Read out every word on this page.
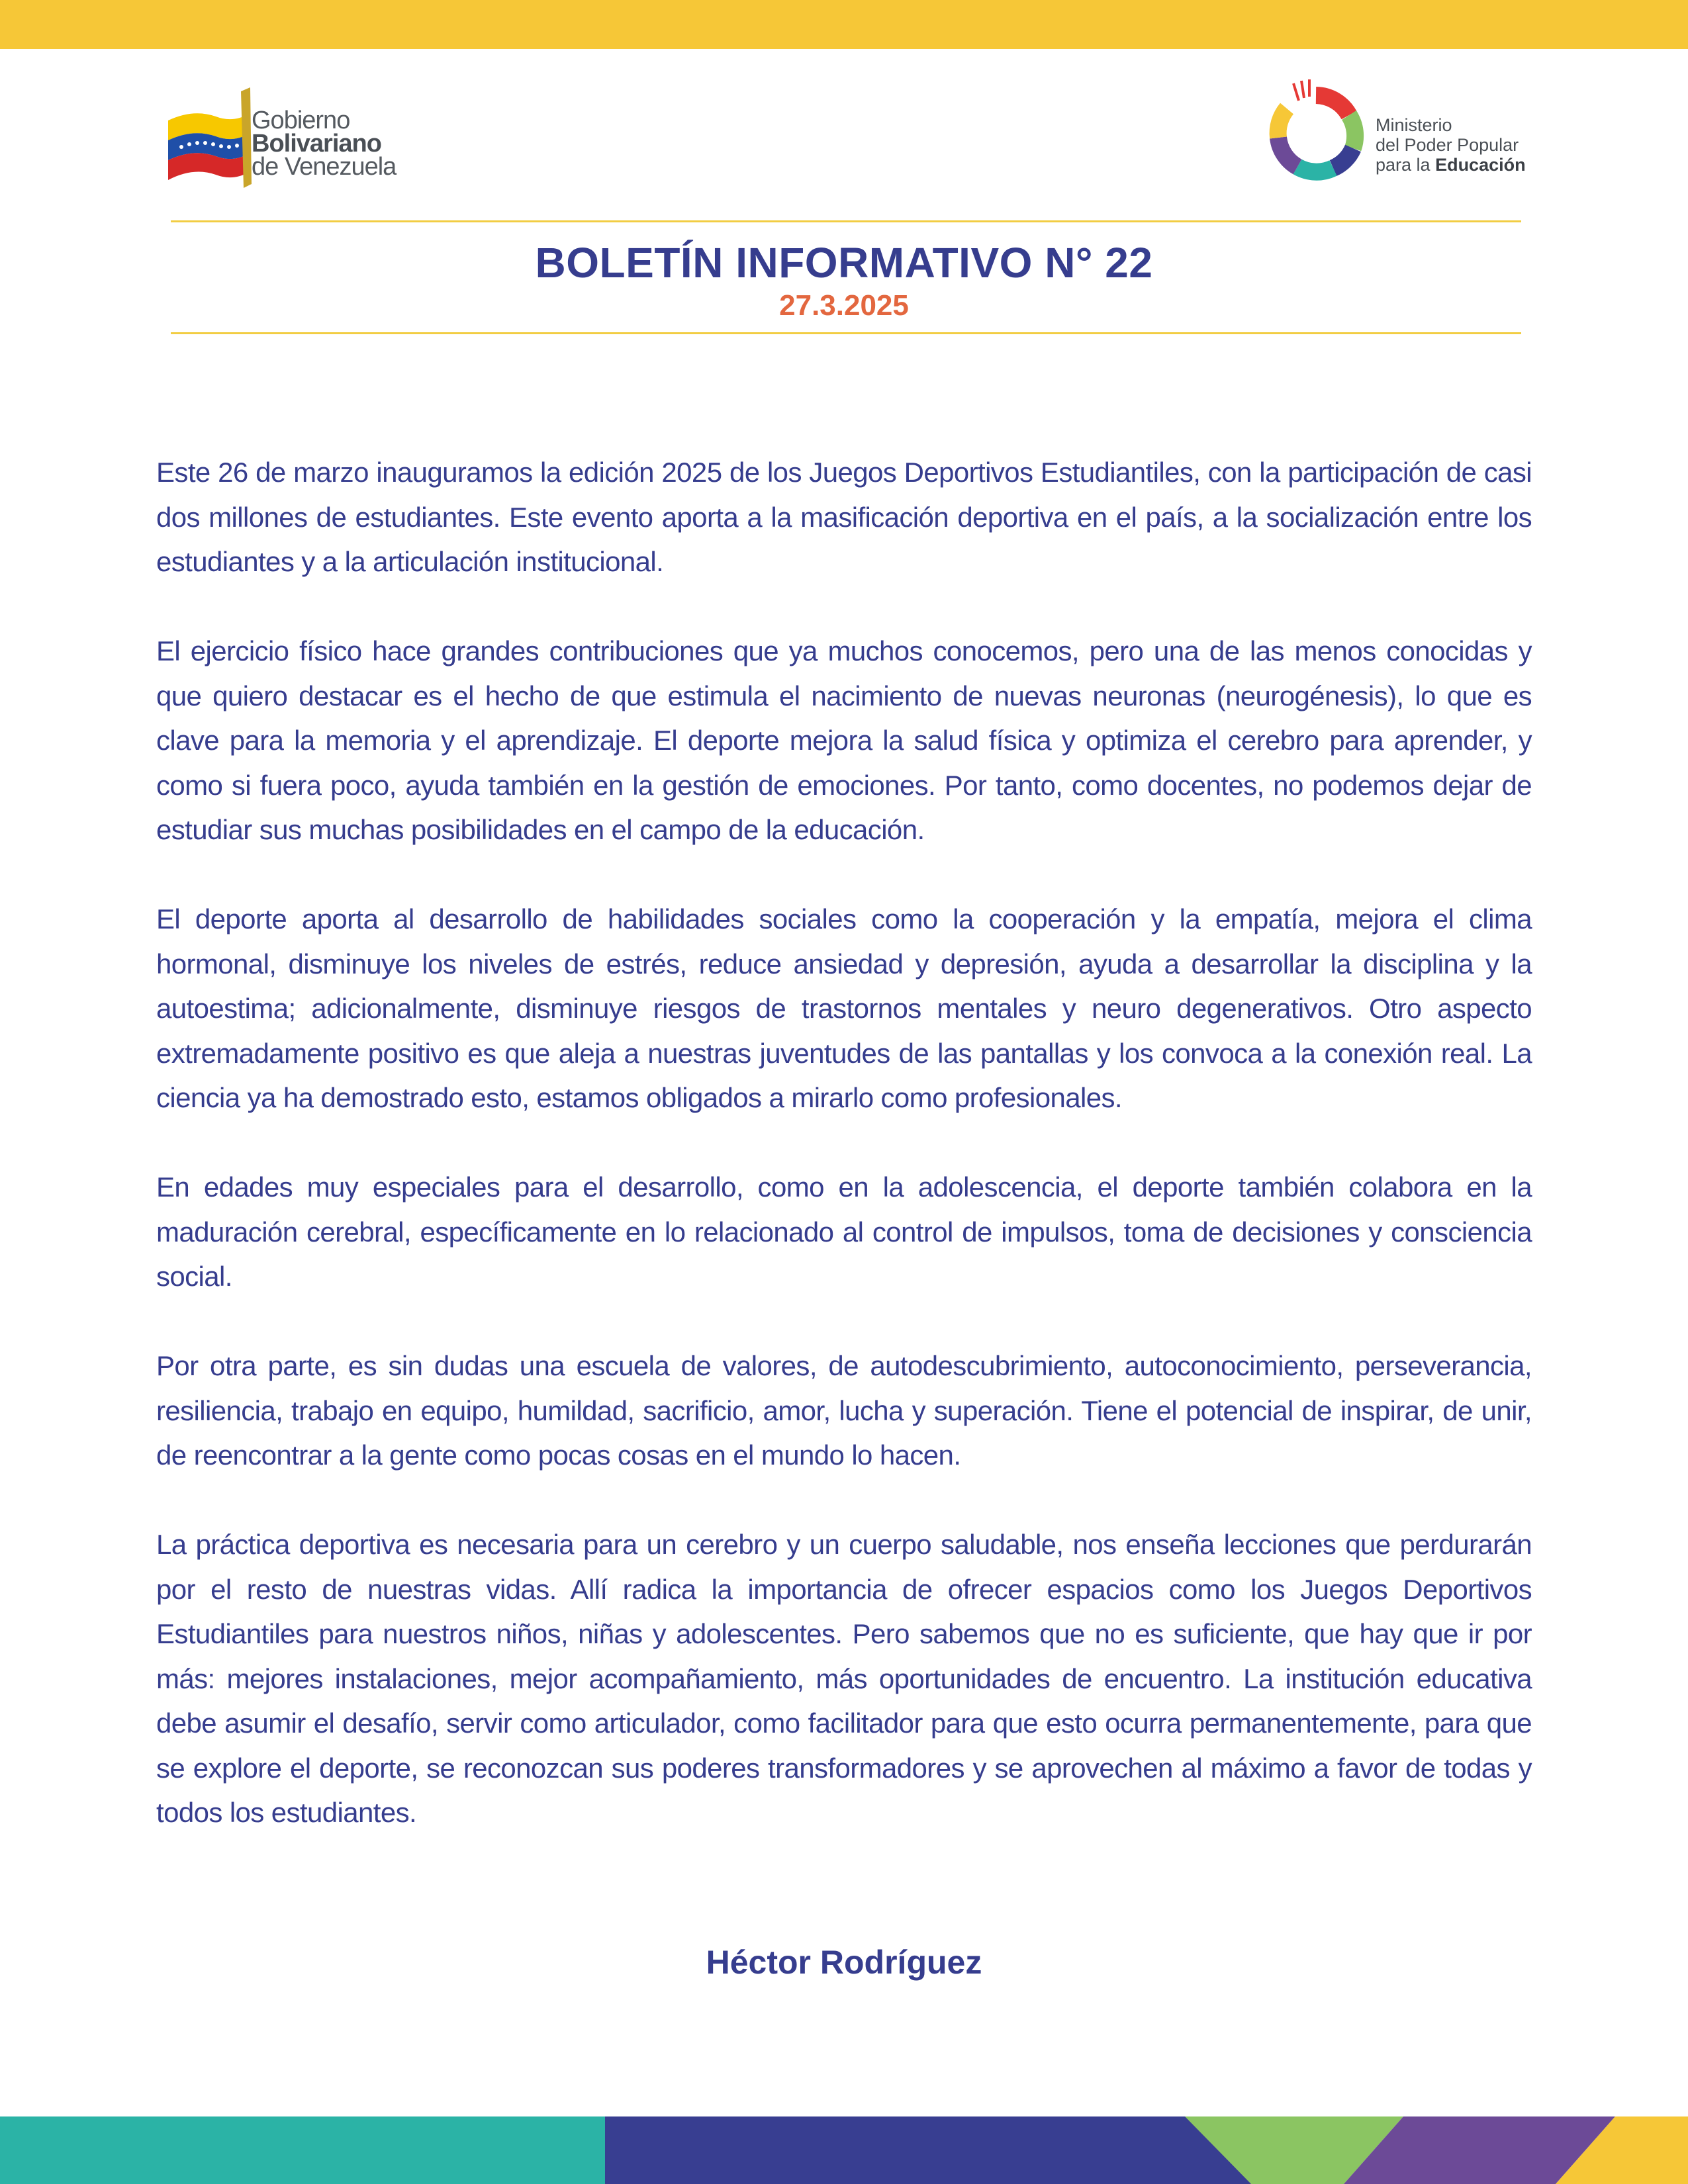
Gobierno
Bolivariano
de Venezuela
Ministerio
del Poder Popular
para la Educación
BOLETÍN INFORMATIVO N° 22
27.3.2025

Este 26 de marzo inauguramos la edición 2025 de los Juegos Deportivos Estudiantiles, con la participación de casi dos millones de estudiantes. Este evento aporta a la masificación deportiva en el país, a la socialización entre los estudiantes y a la articulación institucional.

El ejercicio físico hace grandes contribuciones que ya muchos conocemos, pero una de las menos conocidas y que quiero destacar es el hecho de que estimula el nacimiento de nuevas neuronas (neurogénesis), lo que es clave para la memoria y el aprendizaje. El deporte mejora la salud física y optimiza el cerebro para aprender, y como si fuera poco, ayuda también en la gestión de emociones. Por tanto, como docentes, no podemos dejar de estudiar sus muchas posibilidades en el campo de la educación.

El deporte aporta al desarrollo de habilidades sociales como la cooperación y la empatía, mejora el clima hormonal, disminuye los niveles de estrés, reduce ansiedad y depresión, ayuda a desarrollar la disciplina y la autoestima; adicionalmente, disminuye riesgos de trastornos mentales y neuro degenerativos. Otro aspecto extremadamente positivo es que aleja a nuestras juventudes de las pantallas y los convoca a la conexión real. La ciencia ya ha demostrado esto, estamos obligados a mirarlo como profesionales.

En edades muy especiales para el desarrollo, como en la adolescencia, el deporte también colabora en la maduración cerebral, específicamente en lo relacionado al control de impulsos, toma de decisiones y consciencia social.

Por otra parte, es sin dudas una escuela de valores, de autodescubrimiento, autoconocimiento, perseverancia, resiliencia, trabajo en equipo, humildad, sacrificio, amor, lucha y superación. Tiene el potencial de inspirar, de unir, de reencontrar a la gente como pocas cosas en el mundo lo hacen.

La práctica deportiva es necesaria para un cerebro y un cuerpo saludable, nos enseña lecciones que perdurarán por el resto de nuestras vidas. Allí radica la importancia de ofrecer espacios como los Juegos Deportivos Estudiantiles para nuestros niños, niñas y adolescentes. Pero sabemos que no es suficiente, que hay que ir por más: mejores instalaciones, mejor acompañamiento, más oportunidades de encuentro. La institución educativa debe asumir el desafío, servir como articulador, como facilitador para que esto ocurra permanentemente, para que se explore el deporte, se reconozcan sus poderes transformadores y se aprovechen al máximo a favor de todas y todos los estudiantes.

Héctor Rodríguez
